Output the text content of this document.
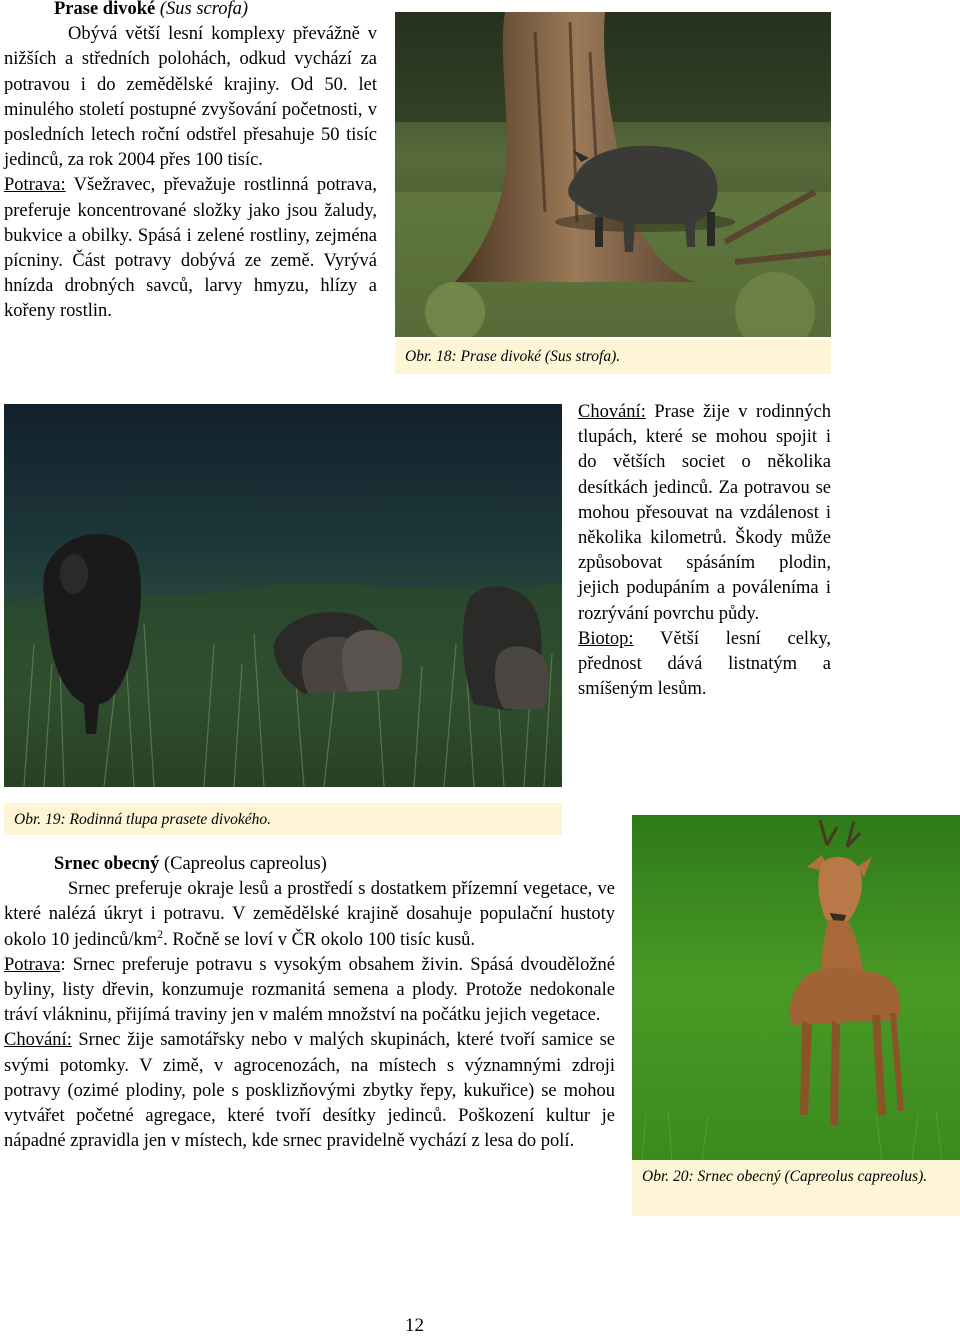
Prase divoké (Sus scrofa)
Obývá větší lesní komplexy převážně v nižších a středních polohách, odkud vychází za potravou i do zemědělské krajiny. Od 50. let minulého století postupné zvyšování početnosti, v posledních letech roční odstřel přesahuje 50 tisíc jedinců, za rok 2004 přes 100 tisíc.
Potrava: Všežravec, převažuje rostlinná potrava, preferuje koncentrované složky jako jsou žaludy, bukvice a obilky. Spásá i zelené rostliny, zejména pícniny. Část potravy dobývá ze země. Vyrývá hnízda drobných savců, larvy hmyzu, hlízy a kořeny rostlin.
Obr. 18: Prase divoké (Sus strofa).
Obr. 19: Rodinná tlupa prasete divokého.
Chování: Prase žije v rodinných tlupách, které se mohou spojit i do větších societ o několika desítkách jedinců. Za potravou se mohou přesouvat na vzdálenost i několika kilometrů. Škody může způsobovat spásáním plodin, jejich podupáním a pováleníma i rozrývání povrchu půdy.
Biotop: Větší lesní celky, přednost dává listnatým a smíšeným lesům.
Srnec obecný (Capreolus capreolus)
Srnec preferuje okraje lesů a prostředí s dostatkem přízemní vegetace, ve které nalézá úkryt i potravu. V zemědělské krajině dosahuje populační hustoty okolo 10 jedinců/$km^2$. Ročně se loví v ČR okolo 100 tisíc kusů.
Potrava: Srnec preferuje potravu s vysokým obsahem živin. Spásá dvouděložné byliny, listy dřevin, konzumuje rozmanitá semena a plody. Protože nedokonale tráví vlákninu, přijímá traviny jen v malém množství na počátku jejich vegetace.
Chování: Srnec žije samotářsky nebo v malých skupinách, které tvoří samice se svými potomky. V zimě, v agrocenozách, na místech s významnými zdroji potravy (ozimé plodiny, pole s posklizňovými zbytky řepy, kukuřice) se mohou vytvářet početné agregace, které tvoří desítky jedinců. Poškození kultur je nápadné zpravidla jen v místech, kde srnec pravidelně vychází z lesa do polí.
Obr. 20: Srnec obecný (Capreolus capreolus).
12
